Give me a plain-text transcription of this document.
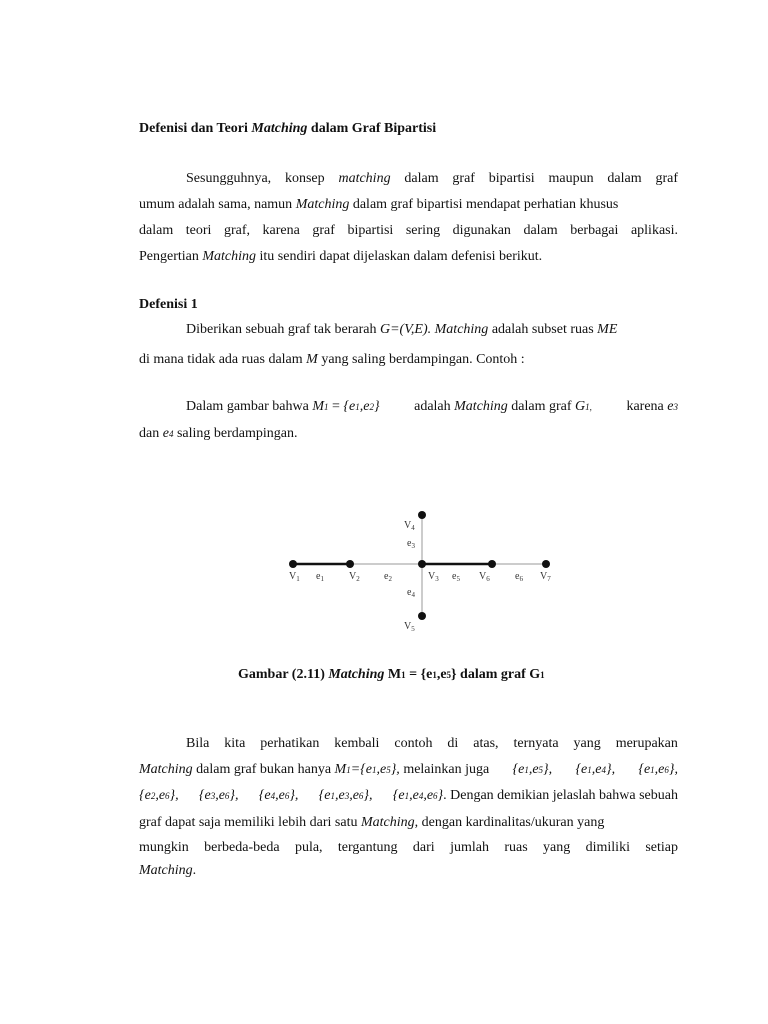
Defenisi dan Teori Matching dalam Graf Bipartisi
Sesungguhnya, konsep matching dalam graf bipartisi maupun dalam graf
umum adalah sama, namun Matching dalam graf bipartisi mendapat perhatian khusus
dalam teori graf, karena graf bipartisi sering digunakan dalam berbagai aplikasi.
Pengertian Matching itu sendiri dapat dijelaskan dalam defenisi berikut.
Defenisi 1
Diberikan sebuah graf tak berarah G=(V,E). Matching adalah subset ruas ME
di mana tidak ada ruas dalam M yang saling berdampingan. Contoh :
Dalam gambar bahwa M1 = {e1,e2} adalah Matching dalam graf G1, karena e3
dan e4 saling berdampingan.
$V_1$	$V_2$	$V_3$
$V_4$
$V_5$
$V_6$	$V_7$
$e_1$	$e_2$
$e_3$
$e_4$
$e_5$	$e_6$
Gambar (2.11) Matching M1 = {e1,e5} dalam graf G1
Bila kita perhatikan kembali contoh di atas, ternyata yang merupakan
Matching dalam graf bukan hanya M1={e1,e5}, melainkan juga {e1,e5}, {e1,e4}, {e1,e6},
{e2,e6}, {e3,e6}, {e4,e6}, {e1,e3,e6}, {e1,e4,e6}. Dengan demikian jelaslah bahwa sebuah
graf dapat saja memiliki lebih dari satu Matching, dengan kardinalitas/ukuran yang
mungkin berbeda-beda pula, tergantung dari jumlah ruas yang dimiliki setiap
Matching.
